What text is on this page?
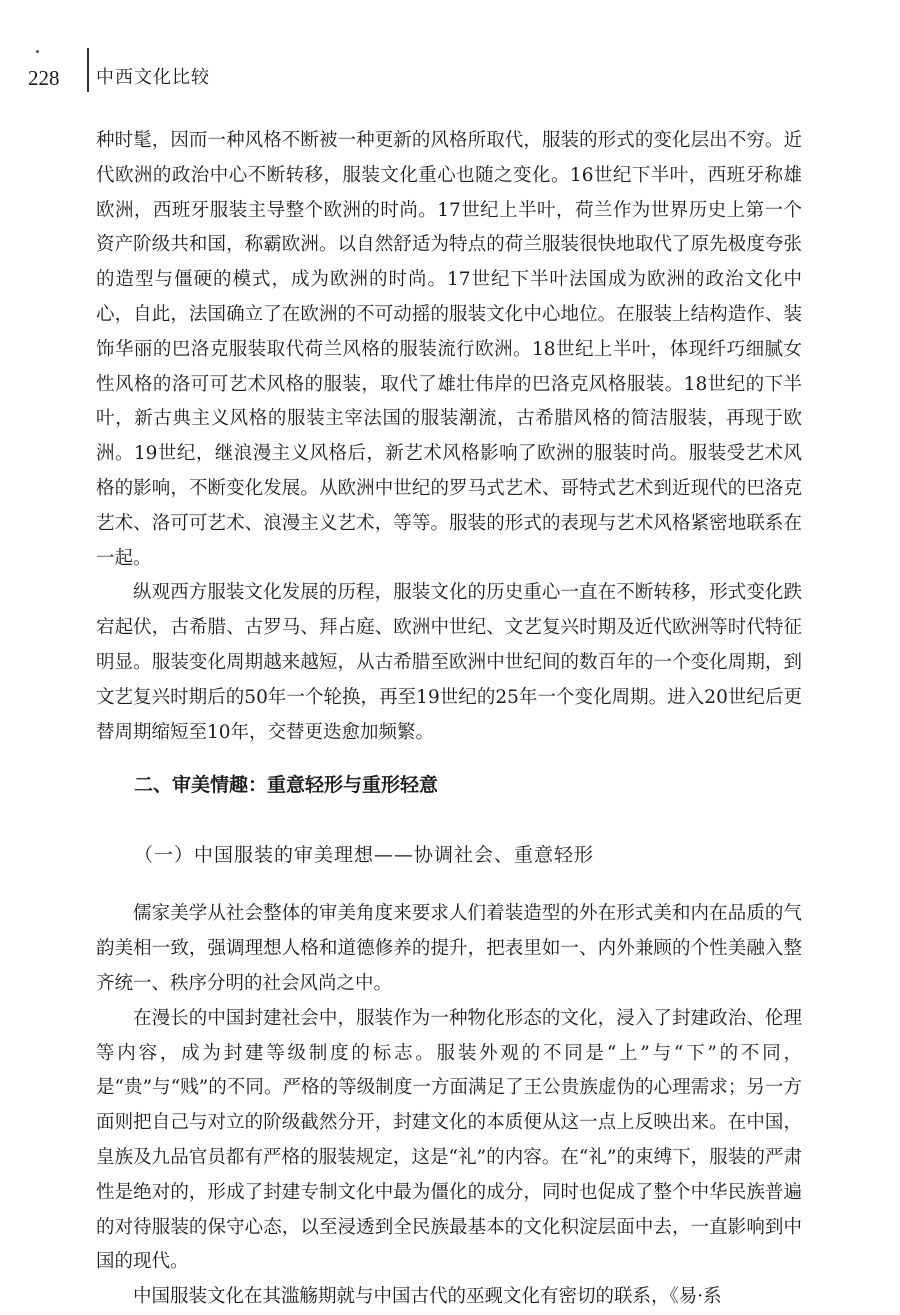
228 中西文化比较

种时髦，因而一种风格不断被一种更新的风格所取代，服装的形式的变化层出不穷。近代欧洲的政治中心不断转移，服装文化重心也随之变化。16世纪下半叶，西班牙称雄欧洲，西班牙服装主导整个欧洲的时尚。17世纪上半叶，荷兰作为世界历史上第一个资产阶级共和国，称霸欧洲。以自然舒适为特点的荷兰服装很快地取代了原先极度夸张的造型与僵硬的模式，成为欧洲的时尚。17世纪下半叶法国成为欧洲的政治文化中心，自此，法国确立了在欧洲的不可动摇的服装文化中心地位。在服装上结构造作、装饰华丽的巴洛克服装取代荷兰风格的服装流行欧洲。18世纪上半叶，体现纤巧细腻女性风格的洛可可艺术风格的服装，取代了雄壮伟岸的巴洛克风格服装。18世纪的下半叶，新古典主义风格的服装主宰法国的服装潮流，古希腊风格的简洁服装，再现于欧洲。19世纪，继浪漫主义风格后，新艺术风格影响了欧洲的服装时尚。服装受艺术风格的影响，不断变化发展。从欧洲中世纪的罗马式艺术、哥特式艺术到近现代的巴洛克艺术、洛可可艺术、浪漫主义艺术，等等。服装的形式的表现与艺术风格紧密地联系在一起。

纵观西方服装文化发展的历程，服装文化的历史重心一直在不断转移，形式变化跌宕起伏，古希腊、古罗马、拜占庭、欧洲中世纪、文艺复兴时期及近代欧洲等时代特征明显。服装变化周期越来越短，从古希腊至欧洲中世纪间的数百年的一个变化周期，到文艺复兴时期后的50年一个轮换，再至19世纪的25年一个变化周期。进入20世纪后更替周期缩短至10年，交替更迭愈加频繁。

二、审美情趣：重意轻形与重形轻意
（一）中国服装的审美理想——协调社会、重意轻形

儒家美学从社会整体的审美角度来要求人们着装造型的外在形式美和内在品质的气韵美相一致，强调理想人格和道德修养的提升，把表里如一、内外兼顾的个性美融入整齐统一、秩序分明的社会风尚之中。

在漫长的中国封建社会中，服装作为一种物化形态的文化，浸入了封建政治、伦理等内容，成为封建等级制度的标志。服装外观的不同是“上”与“下”的不同，是“贵”与“贱”的不同。严格的等级制度一方面满足了王公贵族虚伪的心理需求；另一方面则把自己与对立的阶级截然分开，封建文化的本质便从这一点上反映出来。在中国，皇族及九品官员都有严格的服装规定，这是“礼”的内容。在“礼”的束缚下，服装的严肃性是绝对的，形成了封建专制文化中最为僵化的成分，同时也促成了整个中华民族普遍的对待服装的保守心态，以至浸透到全民族最基本的文化积淀层面中去，一直影响到中国的现代。

中国服装文化在其滥觞期就与中国古代的巫觋文化有密切的联系，《易·系
